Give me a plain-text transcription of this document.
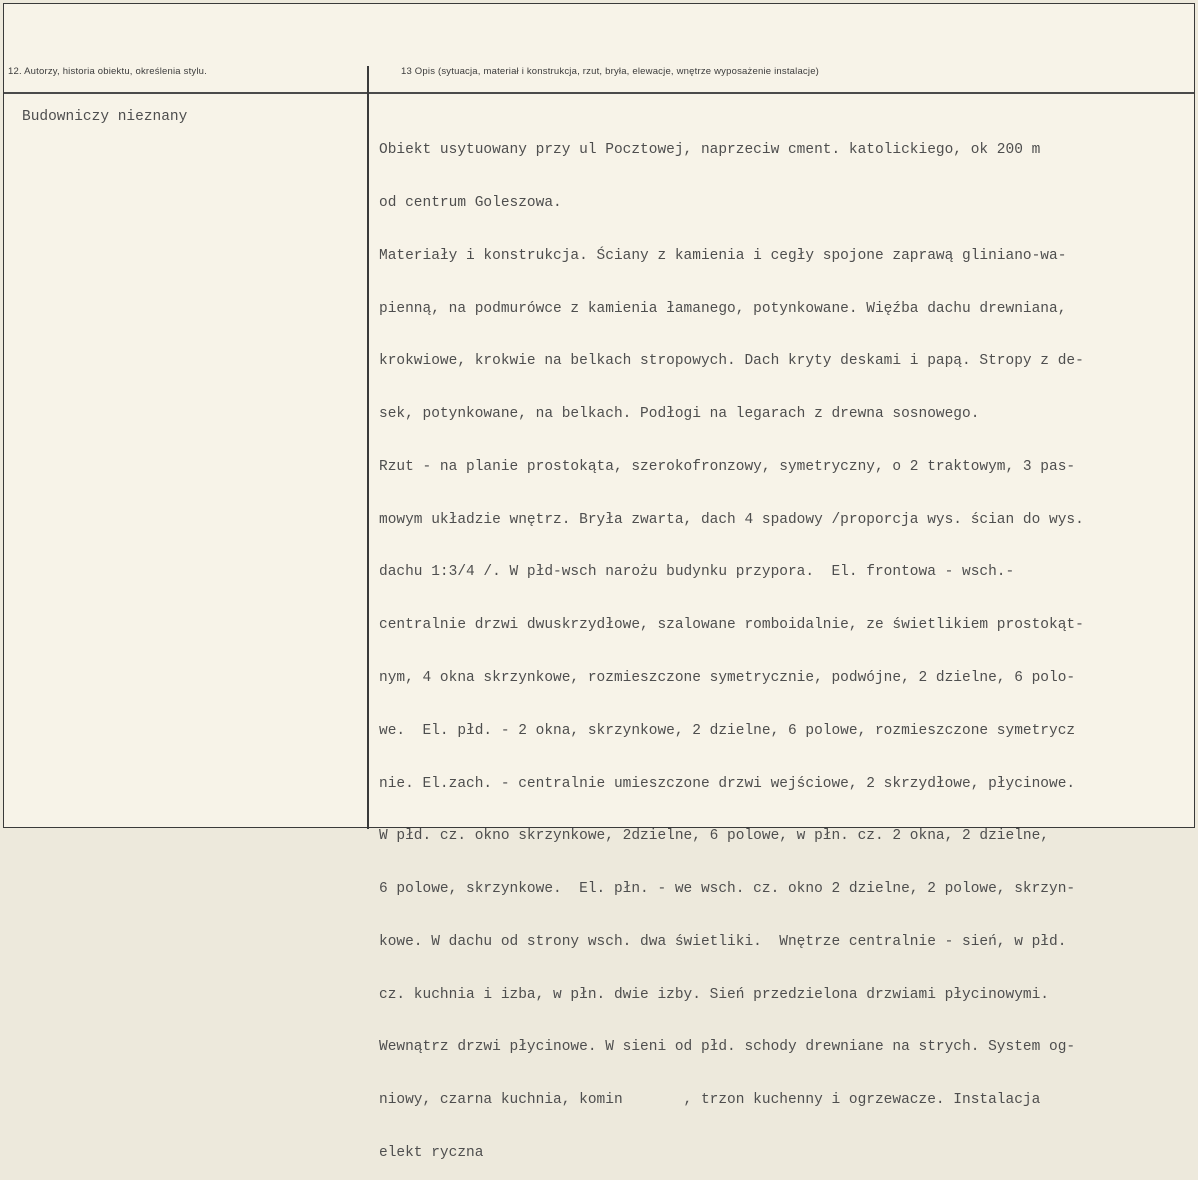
12. Autorzy, historia obiektu, określenia stylu.	13 Opis (sytuacja, materiał i konstrukcja, rzut, bryła, elewacje, wnętrze wyposażenie instalacje)
Budowniczy nieznany

Obiekt usytuowany przy ul Pocztowej, naprzeciw cment. katolickiego, ok 200 m

od centrum Goleszowa.

Materiały i konstrukcja. Ściany z kamienia i cegły spojone zaprawą gliniano-wa-

pienną, na podmurówce z kamienia łamanego, potynkowane. Więźba dachu drewniana,

krokwiowe, krokwie na belkach stropowych. Dach kryty deskami i papą. Stropy z de-

sek, potynkowane, na belkach. Podłogi na legarach z drewna sosnowego.

Rzut - na planie prostokąta, szerokofronzowy, symetryczny, o 2 traktowym, 3 pas-

mowym układzie wnętrz. Bryła zwarta, dach 4 spadowy /proporcja wys. ścian do wys.

dachu 1:3/4 /. W płd-wsch narożu budynku przypora.  El. frontowa - wsch.-

centralnie drzwi dwuskrzydłowe, szalowane romboidalnie, ze świetlikiem prostokąt-

nym, 4 okna skrzynkowe, rozmieszczone symetrycznie, podwójne, 2 dzielne, 6 polo-

we.  El. płd. - 2 okna, skrzynkowe, 2 dzielne, 6 polowe, rozmieszczone symetrycz

nie. El.zach. - centralnie umieszczone drzwi wejściowe, 2 skrzydłowe, płycinowe.

W płd. cz. okno skrzynkowe, 2dzielne, 6 polowe, w płn. cz. 2 okna, 2 dzielne,

6 polowe, skrzynkowe.  El. płn. - we wsch. cz. okno 2 dzielne, 2 polowe, skrzyn-

kowe. W dachu od strony wsch. dwa świetliki.  Wnętrze centralnie - sień, w płd.

cz. kuchnia i izba, w płn. dwie izby. Sień przedzielona drzwiami płycinowymi.

Wewnątrz drzwi płycinowe. W sieni od płd. schody drewniane na strych. System og-

niowy, czarna kuchnia, komin       , trzon kuchenny i ogrzewacze. Instalacja

elekt ryczna
